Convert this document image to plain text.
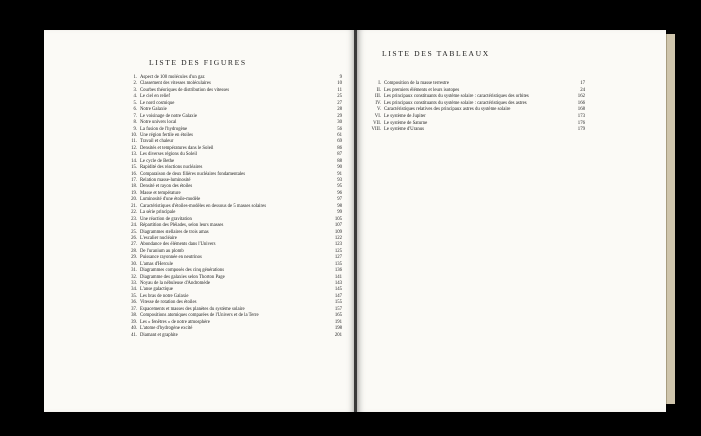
LISTE DES FIGURES
1. Aspect de 100 molécules d'un gaz	9
2. Classement des vitesses moléculaires	10
3. Courbes théoriques de distribution des vitesses	11
4. Le ciel en relief	25
5. Le nord cosmique	27
6. Notre Galaxie	28
7. Le voisinage de notre Galaxie	29
8. Notre univers local	30
9. La fusion de l'hydrogène	56
10. Une région fertile en étoiles	61
11. Travail et chaleur	69
12. Densités et températures dans le Soleil	86
13. Les diverses régions du Soleil	87
14. Le cycle de Bethe	88
15. Rapidité des réactions nucléaires	90
16. Comparaison de deux filières nucléaires fondamentales	91
17. Relation masse-luminosité	93
18. Densité et rayon des étoiles	95
19. Masse et température	96
20. Luminosité d'une étoile-modèle	97
21. Caractéristiques d'étoiles-modèles en dessous de 5 masses solaires	98
22. La série principale	99
23. Une réaction de gravitation	105
24. Répartition des Pléiades, selon leurs masses	107
25. Diagrammes stellaires de trois amas	109
26. L'escalier nucléaire	122
27. Abondance des éléments dans l'Univers	123
28. De l'uranium au plomb	125
29. Puissance rayonnée en neutrinos	127
30. L'amas d'Hercule	135
31. Diagrammes composés des cinq générations	136
32. Diagramme des galaxies selon Thorton Page	141
33. Noyau de la nébuleuse d'Andromède	143
34. L'anse galactique	145
35. Les bras de notre Galaxie	147
36. Vitesse de rotation des étoiles	155
37. Espacements et masses des planètes du système solaire	157
38. Compositions atomiques comparées de l'Univers et de la Terre	165
39. Les « fenêtres » de notre atmosphère	191
40. L'atome d'hydrogène excité	198
41. Diamant et graphite	201
LISTE DES TABLEAUX
I. Composition de la masse terrestre	17
II. Les premiers éléments et leurs isotopes	24
III. Les principaux constituants du système solaire : caractéristiques des orbites	162
IV. Les principaux constituants du système solaire : caractéristiques des astres	166
V. Caractéristiques relatives des principaux astres du système solaire	168
VI. Le système de Jupiter	173
VII. Le système de Saturne	176
VIII. Le système d'Uranus	179
